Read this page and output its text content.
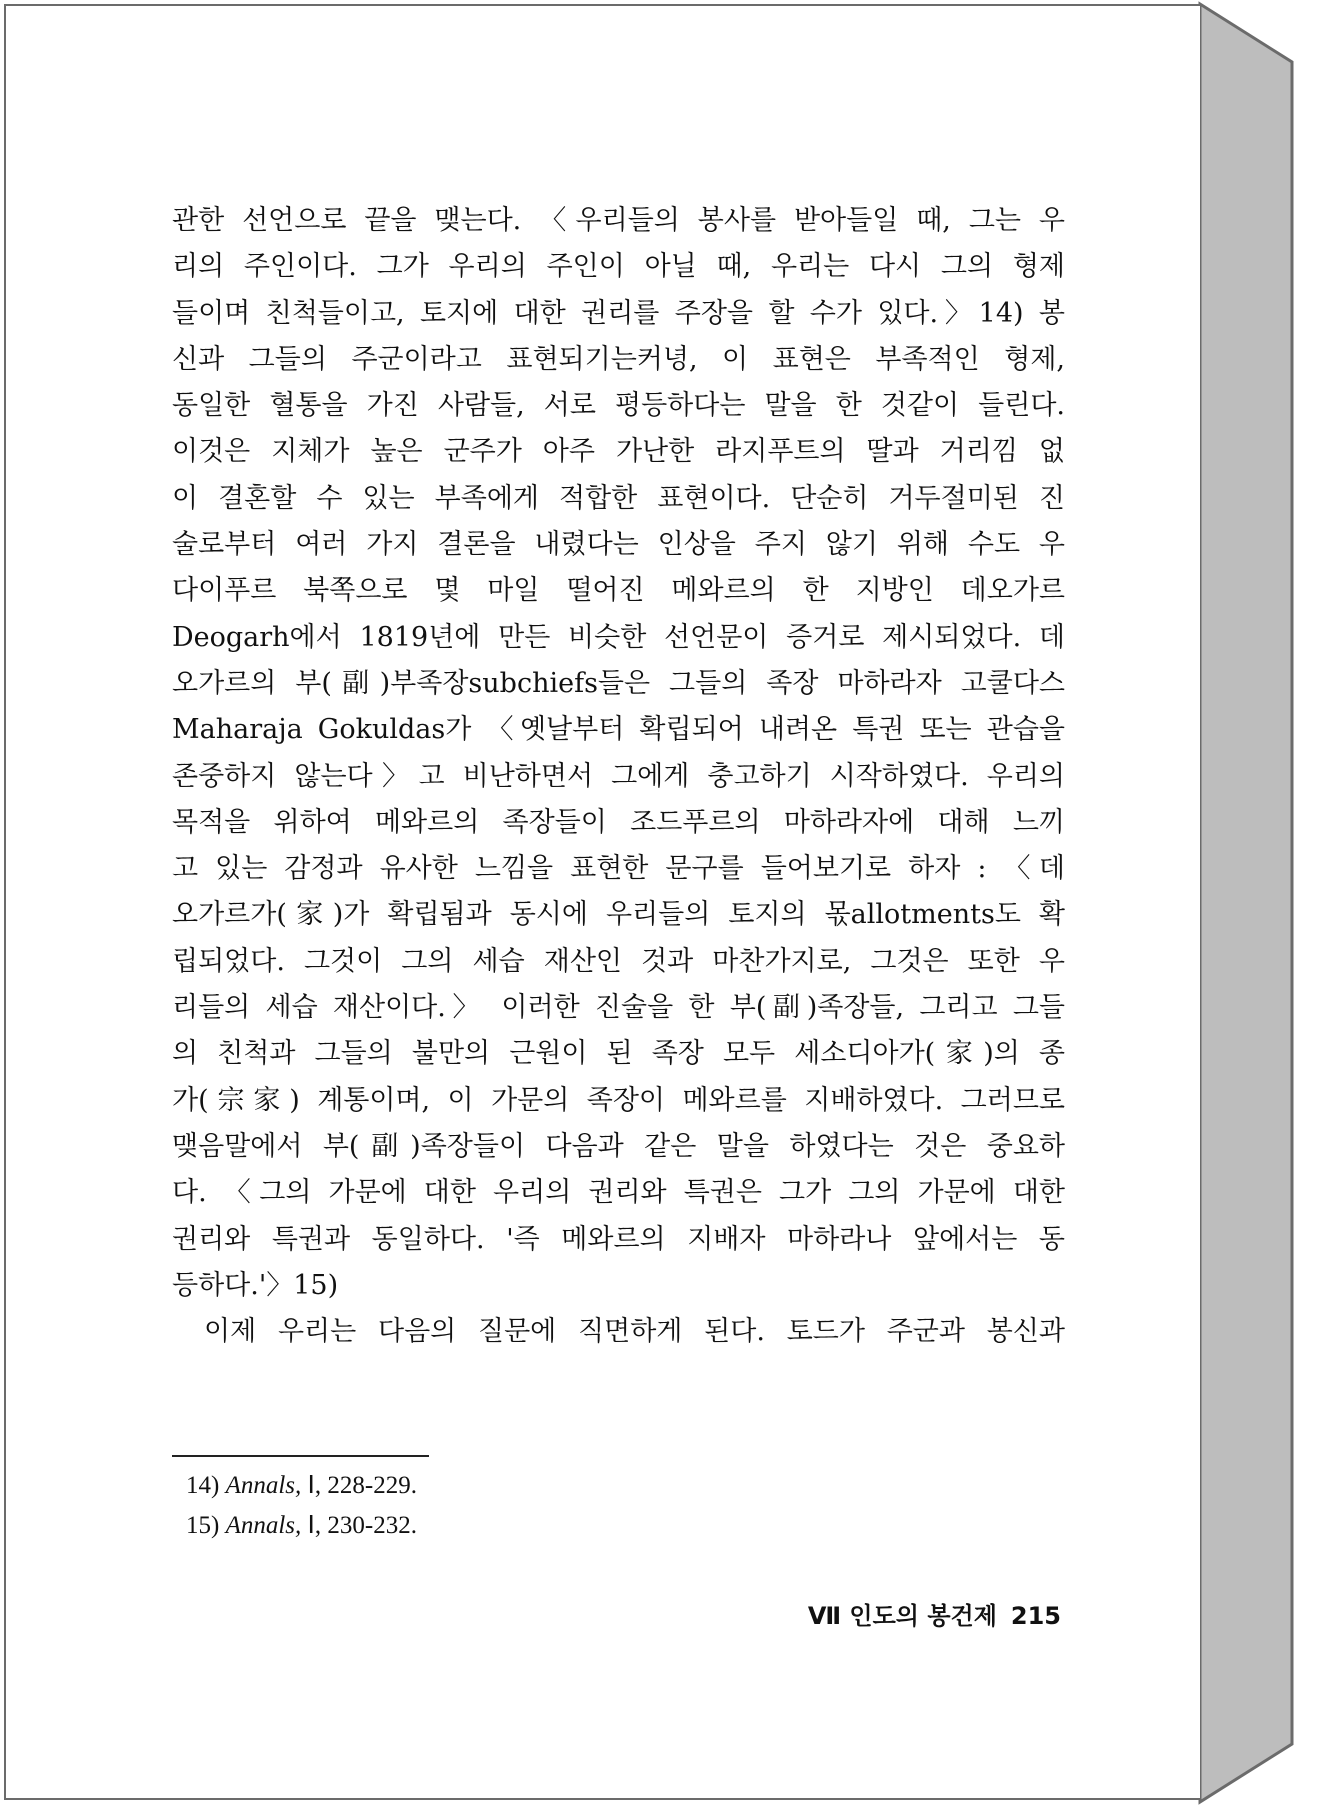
관한 선언으로 끝을 맺는다. 〈우리들의 봉사를 받아들일 때, 그는 우
리의 주인이다. 그가 우리의 주인이 아닐 때, 우리는 다시 그의 형제
들이며 친척들이고, 토지에 대한 권리를 주장을 할 수가 있다.〉14) 봉
신과 그들의 주군이라고 표현되기는커녕, 이 표현은 부족적인 형제,
동일한 혈통을 가진 사람들, 서로 평등하다는 말을 한 것같이 들린다.
이것은 지체가 높은 군주가 아주 가난한 라지푸트의 딸과 거리낌 없
이 결혼할 수 있는 부족에게 적합한 표현이다. 단순히 거두절미된 진
술로부터 여러 가지 결론을 내렸다는 인상을 주지 않기 위해 수도 우
다이푸르 북쪽으로 몇 마일 떨어진 메와르의 한 지방인 데오가르
Deogarh에서 1819년에 만든 비슷한 선언문이 증거로 제시되었다. 데
오가르의 부(副)부족장subchiefs들은 그들의 족장 마하라자 고쿨다스
Maharaja Gokuldas가 〈옛날부터 확립되어 내려온 특권 또는 관습을
존중하지 않는다〉고 비난하면서 그에게 충고하기 시작하였다. 우리의
목적을 위하여 메와르의 족장들이 조드푸르의 마하라자에 대해 느끼
고 있는 감정과 유사한 느낌을 표현한 문구를 들어보기로 하자 : 〈데
오가르가(家)가 확립됨과 동시에 우리들의 토지의 몫allotments도 확
립되었다. 그것이 그의 세습 재산인 것과 마찬가지로, 그것은 또한 우
리들의 세습 재산이다.〉 이러한 진술을 한 부(副)족장들, 그리고 그들
의 친척과 그들의 불만의 근원이 된 족장 모두 세소디아가(家)의 종
가(宗家) 계통이며, 이 가문의 족장이 메와르를 지배하였다. 그러므로
맺음말에서 부(副)족장들이 다음과 같은 말을 하였다는 것은 중요하
다. 〈그의 가문에 대한 우리의 권리와 특권은 그가 그의 가문에 대한
권리와 특권과 동일하다. '즉 메와르의 지배자 마하라나 앞에서는 동
등하다.'〉15)
이제 우리는 다음의 질문에 직면하게 된다. 토드가 주군과 봉신과
14) Annals, Ⅰ, 228-229.
15) Annals, Ⅰ, 230-232.
Ⅶ 인도의 봉건제 215
